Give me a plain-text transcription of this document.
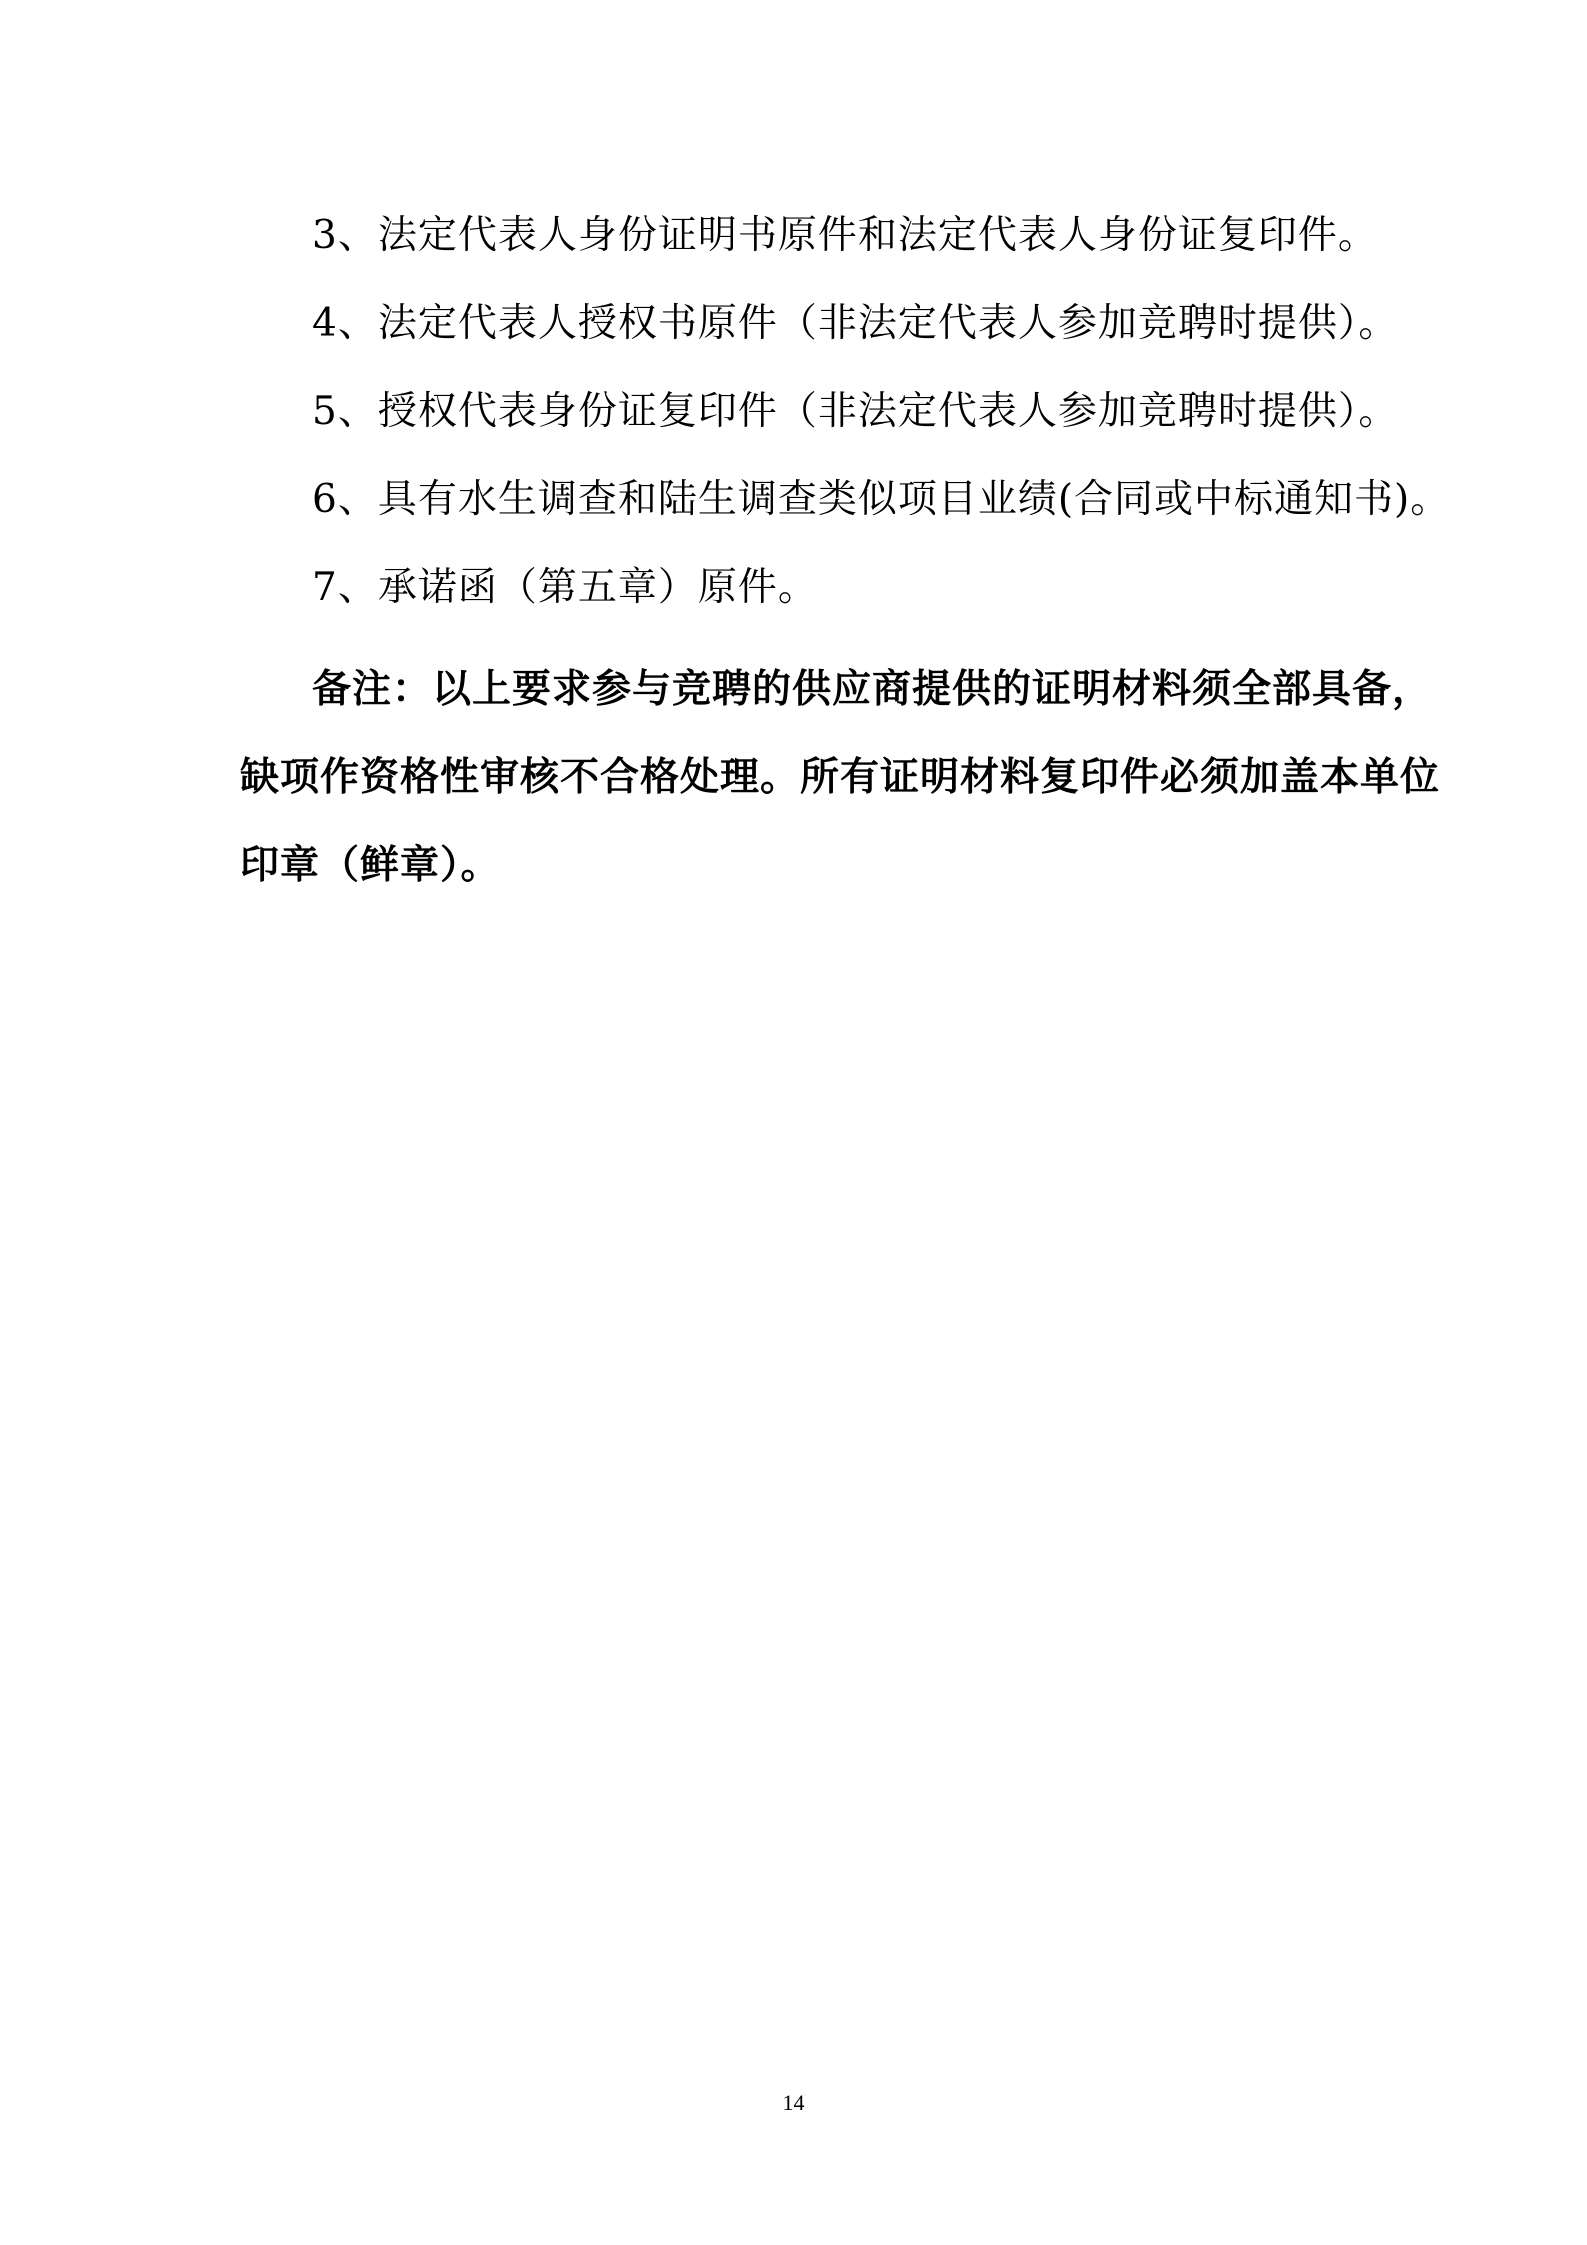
3、法定代表人身份证明书原件和法定代表人身份证复印件。
4、法定代表人授权书原件（非法定代表人参加竞聘时提供）。
5、授权代表身份证复印件（非法定代表人参加竞聘时提供）。
6、具有水生调查和陆生调查类似项目业绩(合同或中标通知书)。
7、承诺函（第五章）原件。

备注：以上要求参与竞聘的供应商提供的证明材料须全部具备，

缺项作资格性审核不合格处理。所有证明材料复印件必须加盖本单位

印章（鲜章）。

14
